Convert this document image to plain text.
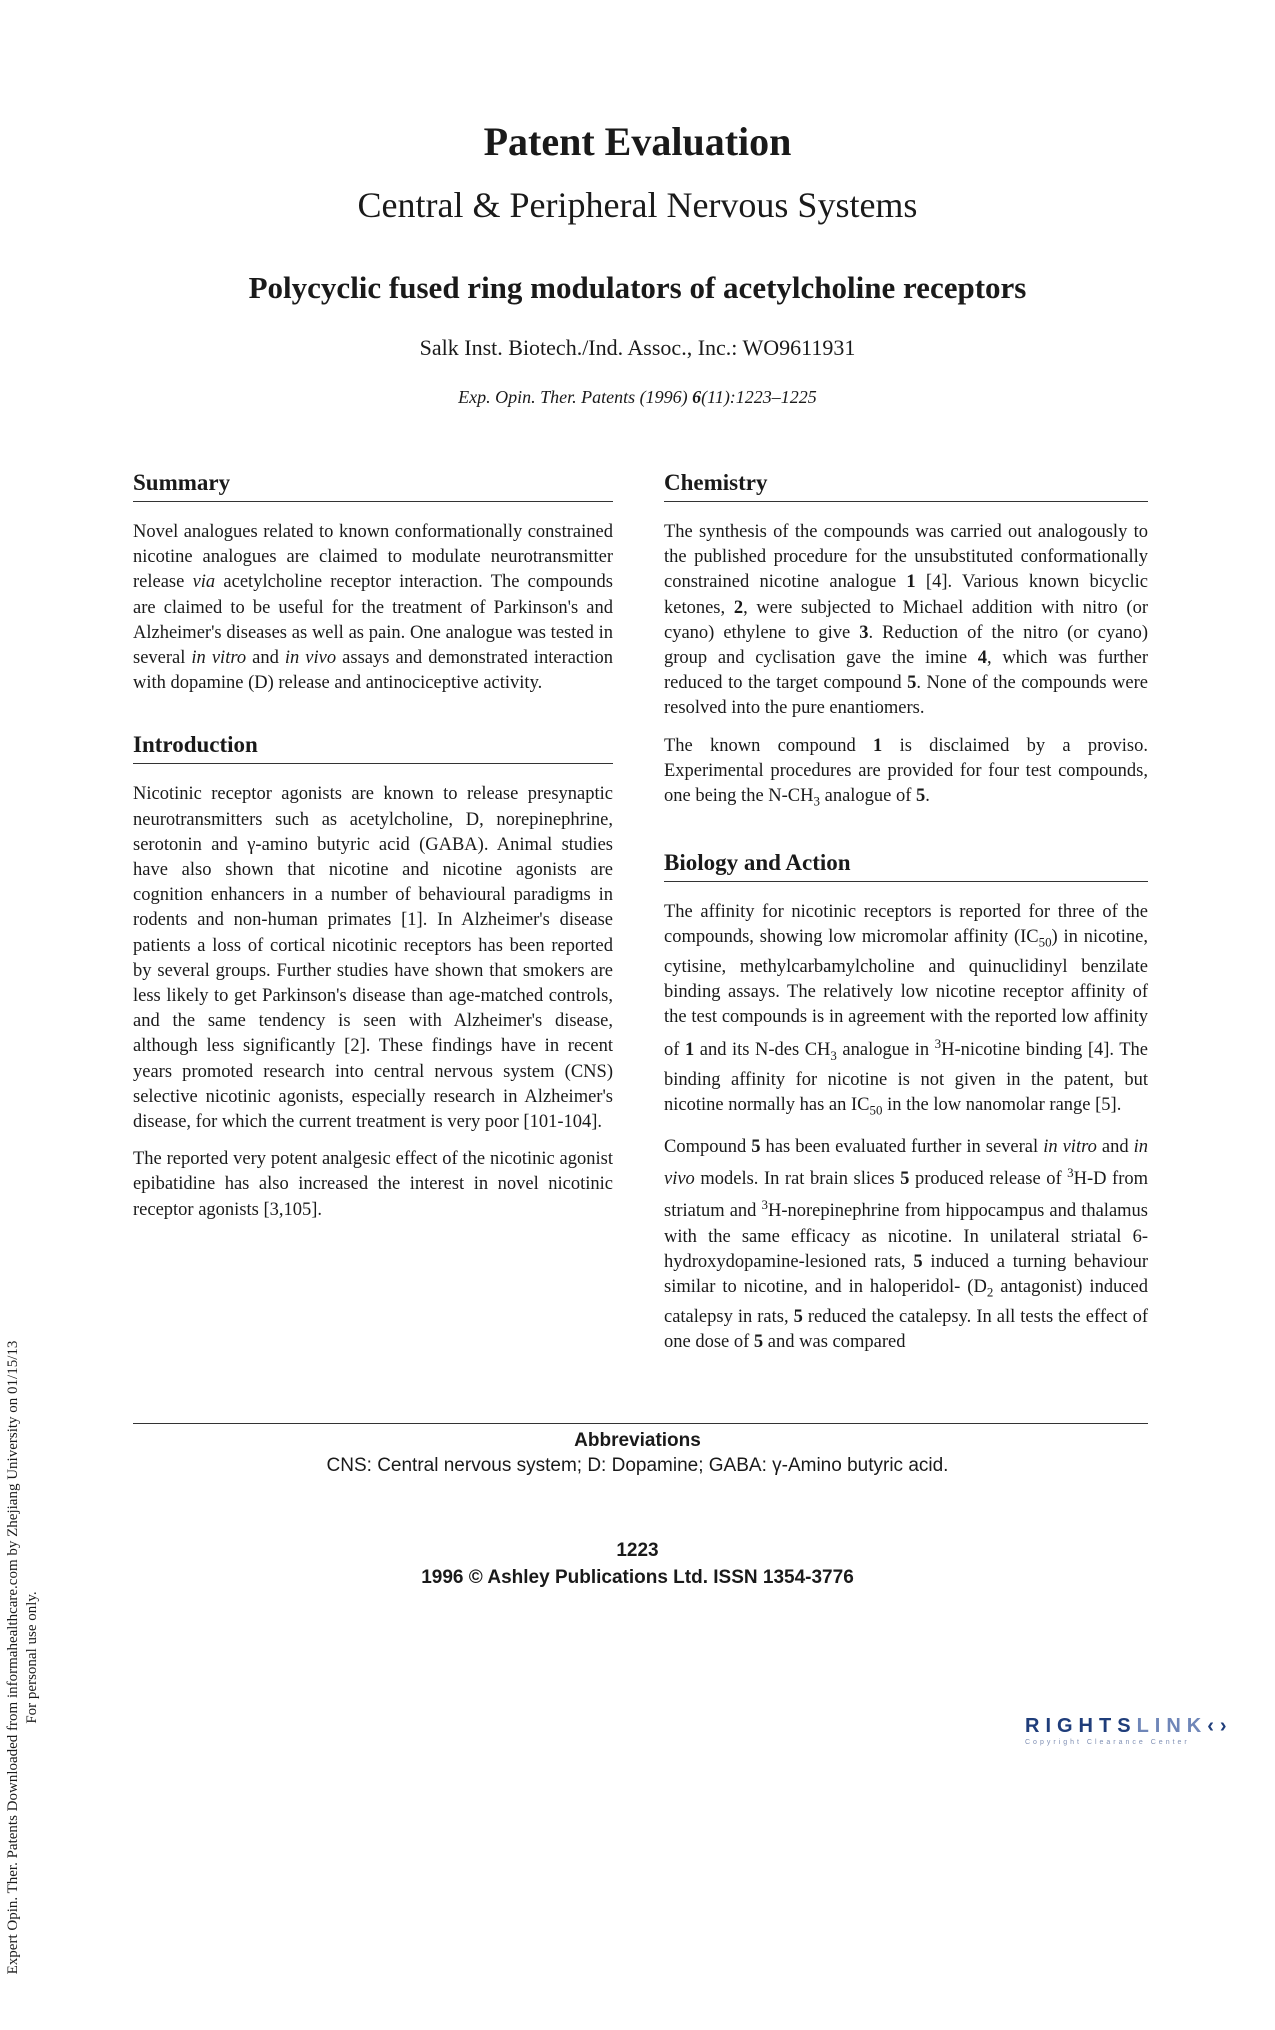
Patent Evaluation
Central & Peripheral Nervous Systems
Polycyclic fused ring modulators of acetylcholine receptors
Salk Inst. Biotech./Ind. Assoc., Inc.: WO9611931
Exp. Opin. Ther. Patents (1996) 6(11):1223–1225
Expert Opin. Ther. Patents Downloaded from informahealthcare.com by Zhejiang University on 01/15/13 For personal use only.
Summary

Novel analogues related to known conformationally constrained nicotine analogues are claimed to modulate neurotransmitter release via acetylcholine receptor interaction. The compounds are claimed to be useful for the treatment of Parkinson's and Alzheimer's diseases as well as pain. One analogue was tested in several in vitro and in vivo assays and demonstrated interaction with dopamine (D) release and antinociceptive activity.

Introduction

Nicotinic receptor agonists are known to release presynaptic neurotransmitters such as acetylcholine, D, norepinephrine, serotonin and γ-amino butyric acid (GABA). Animal studies have also shown that nicotine and nicotine agonists are cognition enhancers in a number of behavioural paradigms in rodents and non-human primates [1]. In Alzheimer's disease patients a loss of cortical nicotinic receptors has been reported by several groups. Further studies have shown that smokers are less likely to get Parkinson's disease than age-matched controls, and the same tendency is seen with Alzheimer's disease, although less significantly [2]. These findings have in recent years promoted research into central nervous system (CNS) selective nicotinic agonists, especially research in Alzheimer's disease, for which the current treatment is very poor [101-104].

The reported very potent analgesic effect of the nicotinic agonist epibatidine has also increased the interest in novel nicotinic receptor agonists [3,105].

Chemistry

The synthesis of the compounds was carried out analogously to the published procedure for the unsubstituted conformationally constrained nicotine analogue 1 [4]. Various known bicyclic ketones, 2, were subjected to Michael addition with nitro (or cyano) ethylene to give 3. Reduction of the nitro (or cyano) group and cyclisation gave the imine 4, which was further reduced to the target compound 5. None of the compounds were resolved into the pure enantiomers.

The known compound 1 is disclaimed by a proviso. Experimental procedures are provided for four test compounds, one being the $N-CH_3$ analogue of 5.

Biology and Action

The affinity for nicotinic receptors is reported for three of the compounds, showing low micromolar affinity $(IC_{50})$ in nicotine, cytisine, methylcarbamylcholine and quinuclidinyl benzilate binding assays. The relatively low nicotine receptor affinity of the test compounds is in agreement with the reported low affinity of 1 and its N-des $CH_3$ analogue in $^3$H-nicotine binding [4]. The binding affinity for nicotine is not given in the patent, but nicotine normally has an $IC_{50}$ in the low nanomolar range [5].

Compound 5 has been evaluated further in several in vitro and in vivo models. In rat brain slices 5 produced release of $^3$H-D from striatum and $^3$H-norepinephrine from hippocampus and thalamus with the same efficacy as nicotine. In unilateral striatal 6-hydroxydopamine-lesioned rats, 5 induced a turning behaviour similar to nicotine, and in haloperidol- ($D_2$ antagonist) induced catalepsy in rats, 5 reduced the catalepsy. In all tests the effect of one dose of 5 and was compared

Abbreviations
CNS: Central nervous system; D: Dopamine; GABA: γ-Amino butyric acid.
1223
1996 © Ashley Publications Ltd. ISSN 1354-3776
RIGHTSLINK‹›
Copyright Clearance Center
